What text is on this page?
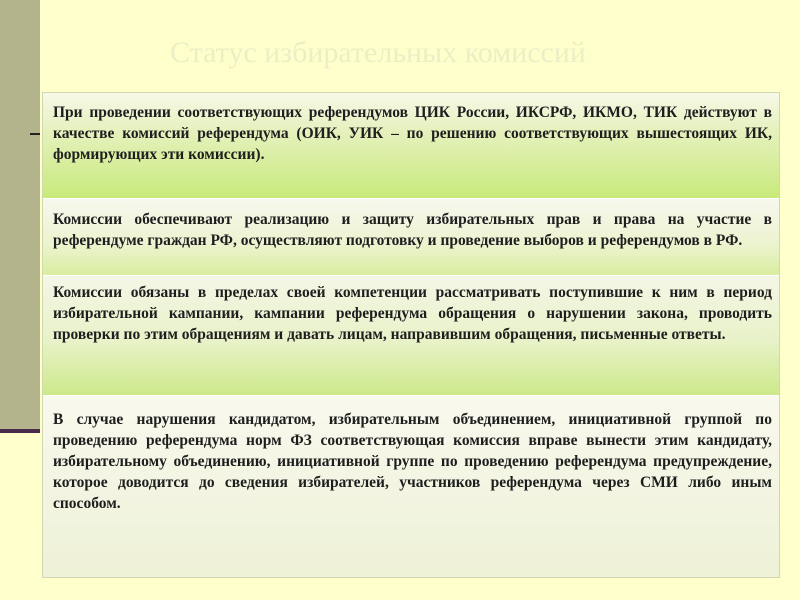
Статус избирательных комиссий
При проведении соответствующих референдумов ЦИК России, ИКСРФ, ИКМО, ТИК действуют в качестве комиссий референдума (ОИК, УИК – по решению соответствующих вышестоящих ИК, формирующих эти комиссии).
Комиссии обеспечивают реализацию и защиту избирательных прав и права на участие в референдуме граждан РФ, осуществляют подготовку и проведение выборов и референдумов в РФ.
Комиссии обязаны в пределах своей компетенции рассматривать поступившие к ним в период избирательной кампании, кампании референдума обращения о нарушении закона, проводить проверки по этим обращениям и давать лицам, направившим обращения, письменные ответы.
В случае нарушения кандидатом, избирательным объединением, инициативной группой по проведению референдума норм ФЗ соответствующая комиссия вправе вынести этим кандидату, избирательному объединению, инициативной группе по проведению референдума предупреждение, которое доводится до сведения избирателей, участников референдума через СМИ либо иным способом.
